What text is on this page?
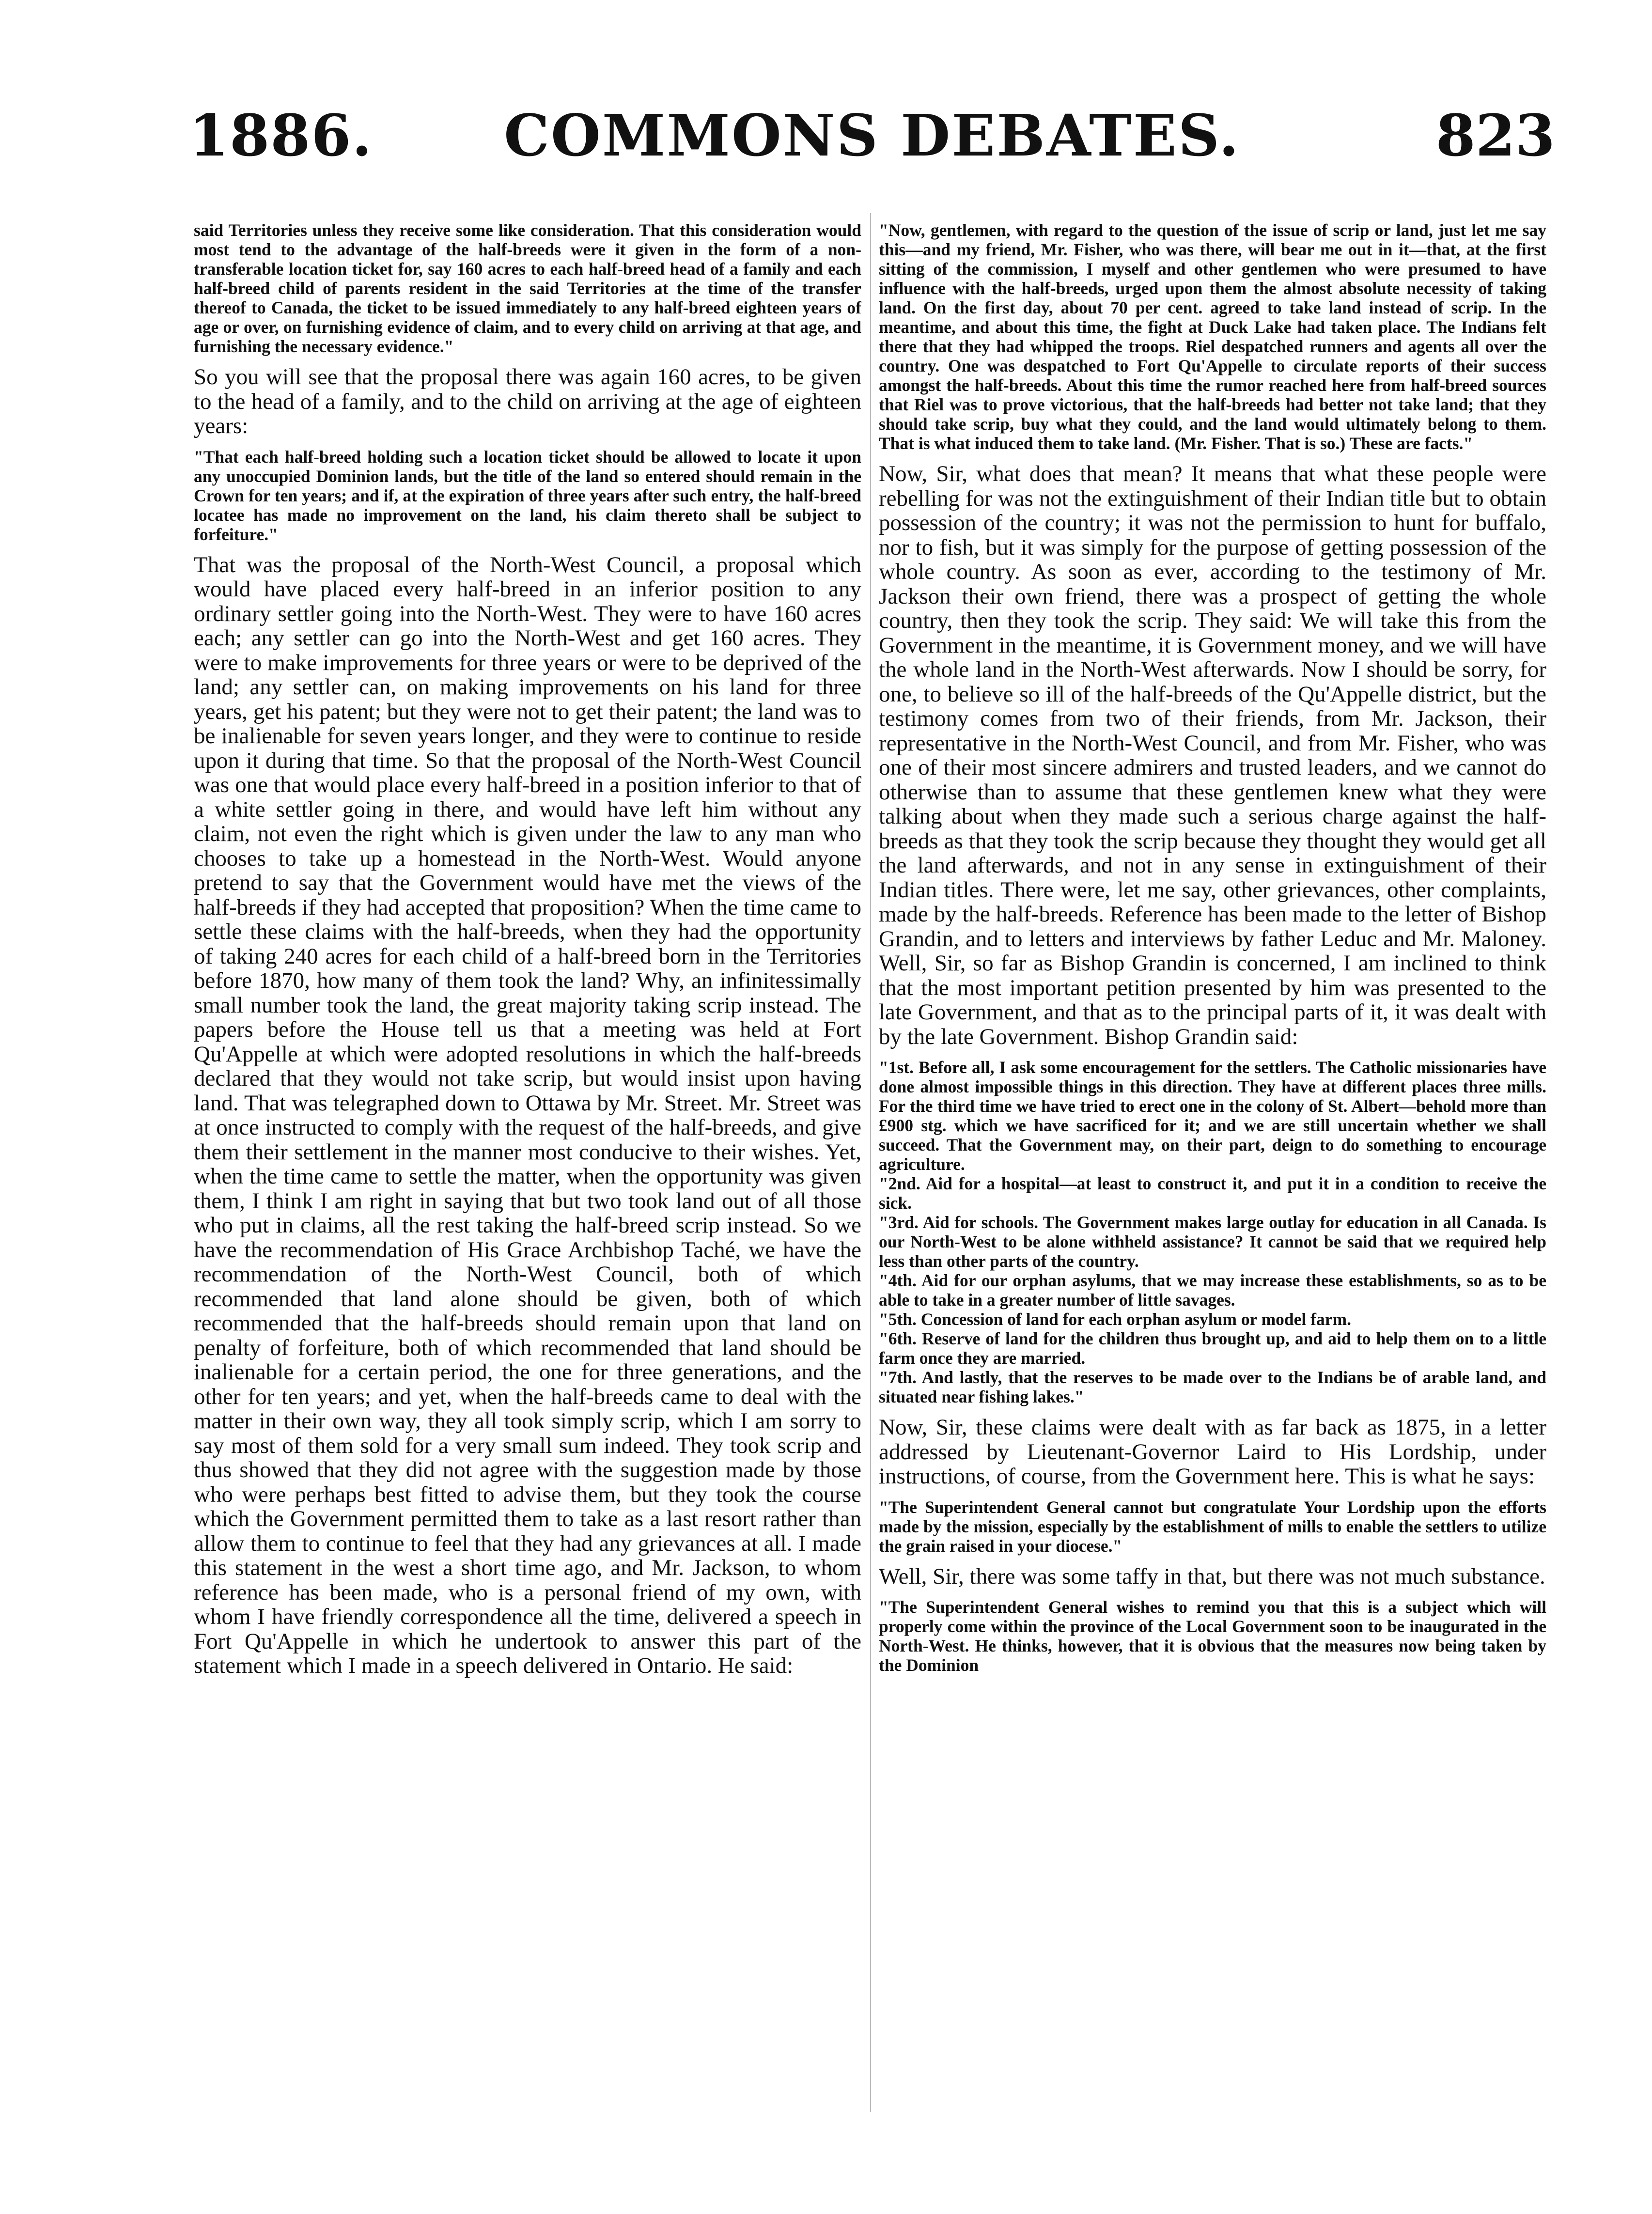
1886.	COMMONS DEBATES.	823

said Territories unless they receive some like consideration. That this consideration would most tend to the advantage of the half-breeds were it given in the form of a non-transferable location ticket for, say 160 acres to each half-breed head of a family and each half-breed child of parents resident in the said Territories at the time of the transfer thereof to Canada, the ticket to be issued immediately to any half-breed eighteen years of age or over, on furnishing evidence of claim, and to every child on arriving at that age, and furnishing the necessary evidence."

So you will see that the proposal there was again 160 acres, to be given to the head of a family, and to the child on arriving at the age of eighteen years:

"That each half-breed holding such a location ticket should be allowed to locate it upon any unoccupied Dominion lands, but the title of the land so entered should remain in the Crown for ten years; and if, at the expiration of three years after such entry, the half-breed locatee has made no improvement on the land, his claim thereto shall be subject to forfeiture."

That was the proposal of the North-West Council, a proposal which would have placed every half-breed in an inferior position to any ordinary settler going into the North-West. They were to have 160 acres each; any settler can go into the North-West and get 160 acres. They were to make improvements for three years or were to be deprived of the land; any settler can, on making improvements on his land for three years, get his patent; but they were not to get their patent; the land was to be inalienable for seven years longer, and they were to continue to reside upon it during that time. So that the proposal of the North-West Council was one that would place every half-breed in a position inferior to that of a white settler going in there, and would have left him without any claim, not even the right which is given under the law to any man who chooses to take up a homestead in the North-West. Would anyone pretend to say that the Government would have met the views of the half-breeds if they had accepted that proposition? When the time came to settle these claims with the half-breeds, when they had the opportunity of taking 240 acres for each child of a half-breed born in the Territories before 1870, how many of them took the land? Why, an infinitessimally small number took the land, the great majority taking scrip instead. The papers before the House tell us that a meeting was held at Fort Qu'Appelle at which were adopted resolutions in which the half-breeds declared that they would not take scrip, but would insist upon having land. That was telegraphed down to Ottawa by Mr. Street. Mr. Street was at once instructed to comply with the request of the half-breeds, and give them their settlement in the manner most conducive to their wishes. Yet, when the time came to settle the matter, when the opportunity was given them, I think I am right in saying that but two took land out of all those who put in claims, all the rest taking the half-breed scrip instead. So we have the recommendation of His Grace Archbishop Taché, we have the recommendation of the North-West Council, both of which recommended that land alone should be given, both of which recommended that the half-breeds should remain upon that land on penalty of forfeiture, both of which recommended that land should be inalienable for a certain period, the one for three generations, and the other for ten years; and yet, when the half-breeds came to deal with the matter in their own way, they all took simply scrip, which I am sorry to say most of them sold for a very small sum indeed. They took scrip and thus showed that they did not agree with the suggestion made by those who were perhaps best fitted to advise them, but they took the course which the Government permitted them to take as a last resort rather than allow them to continue to feel that they had any grievances at all. I made this statement in the west a short time ago, and Mr. Jackson, to whom reference has been made, who is a personal friend of my own, with whom I have friendly correspondence all the time, delivered a speech in Fort Qu'Appelle in which he undertook to answer this part of the statement which I made in a speech delivered in Ontario. He said:

"Now, gentlemen, with regard to the question of the issue of scrip or land, just let me say this—and my friend, Mr. Fisher, who was there, will bear me out in it—that, at the first sitting of the commission, I myself and other gentlemen who were presumed to have influence with the half-breeds, urged upon them the almost absolute necessity of taking land. On the first day, about 70 per cent. agreed to take land instead of scrip. In the meantime, and about this time, the fight at Duck Lake had taken place. The Indians felt there that they had whipped the troops. Riel despatched runners and agents all over the country. One was despatched to Fort Qu'Appelle to circulate reports of their success amongst the half-breeds. About this time the rumor reached here from half-breed sources that Riel was to prove victorious, that the half-breeds had better not take land; that they should take scrip, buy what they could, and the land would ultimately belong to them. That is what induced them to take land. (Mr. Fisher. That is so.) These are facts."

Now, Sir, what does that mean? It means that what these people were rebelling for was not the extinguishment of their Indian title but to obtain possession of the country; it was not the permission to hunt for buffalo, nor to fish, but it was simply for the purpose of getting possession of the whole country. As soon as ever, according to the testimony of Mr. Jackson their own friend, there was a prospect of getting the whole country, then they took the scrip. They said: We will take this from the Government in the meantime, it is Government money, and we will have the whole land in the North-West afterwards. Now I should be sorry, for one, to believe so ill of the half-breeds of the Qu'Appelle district, but the testimony comes from two of their friends, from Mr. Jackson, their representative in the North-West Council, and from Mr. Fisher, who was one of their most sincere admirers and trusted leaders, and we cannot do otherwise than to assume that these gentlemen knew what they were talking about when they made such a serious charge against the half-breeds as that they took the scrip because they thought they would get all the land afterwards, and not in any sense in extinguishment of their Indian titles. There were, let me say, other grievances, other complaints, made by the half-breeds. Reference has been made to the letter of Bishop Grandin, and to letters and interviews by father Leduc and Mr. Maloney. Well, Sir, so far as Bishop Grandin is concerned, I am inclined to think that the most important petition presented by him was presented to the late Government, and that as to the principal parts of it, it was dealt with by the late Government. Bishop Grandin said:

"1st. Before all, I ask some encouragement for the settlers. The Catholic missionaries have done almost impossible things in this direction. They have at different places three mills. For the third time we have tried to erect one in the colony of St. Albert—behold more than £900 stg. which we have sacrificed for it; and we are still uncertain whether we shall succeed. That the Government may, on their part, deign to do something to encourage agriculture.

"2nd. Aid for a hospital—at least to construct it, and put it in a condition to receive the sick.

"3rd. Aid for schools. The Government makes large outlay for education in all Canada. Is our North-West to be alone withheld assistance? It cannot be said that we required help less than other parts of the country.

"4th. Aid for our orphan asylums, that we may increase these establishments, so as to be able to take in a greater number of little savages.

"5th. Concession of land for each orphan asylum or model farm.

"6th. Reserve of land for the children thus brought up, and aid to help them on to a little farm once they are married.

"7th. And lastly, that the reserves to be made over to the Indians be of arable land, and situated near fishing lakes."

Now, Sir, these claims were dealt with as far back as 1875, in a letter addressed by Lieutenant-Governor Laird to His Lordship, under instructions, of course, from the Government here. This is what he says:

"The Superintendent General cannot but congratulate Your Lordship upon the efforts made by the mission, especially by the establishment of mills to enable the settlers to utilize the grain raised in your diocese."

Well, Sir, there was some taffy in that, but there was not much substance.

"The Superintendent General wishes to remind you that this is a subject which will properly come within the province of the Local Government soon to be inaugurated in the North-West. He thinks, however, that it is obvious that the measures now being taken by the Dominion
